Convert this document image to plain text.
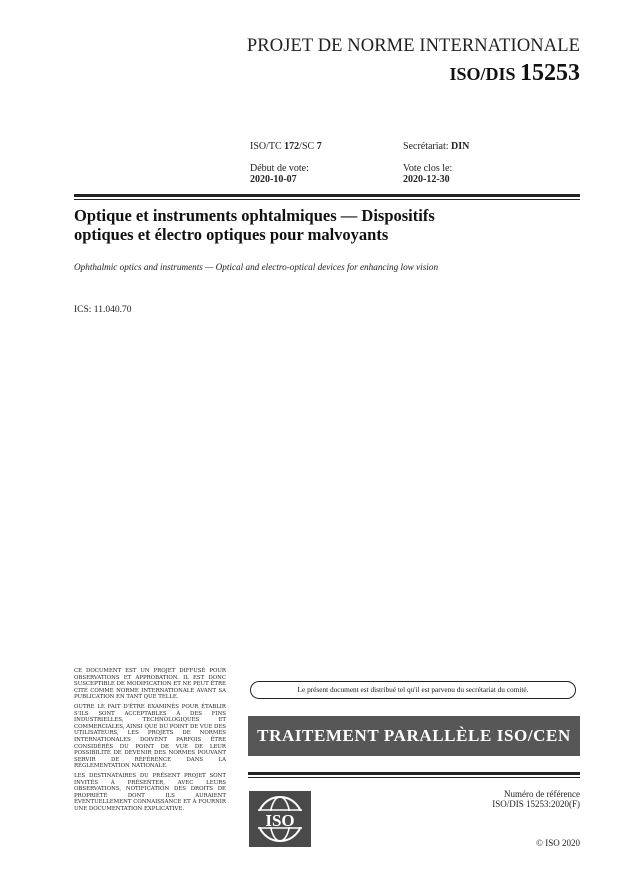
PROJET DE NORME INTERNATIONALE
ISO/DIS 15253
ISO/TC 172/SC 7	Secrétariat: DIN
Début de vote:
2020-10-07
Vote clos le:
2020-12-30
Optique et instruments ophtalmiques — Dispositifs
optiques et électro optiques pour malvoyants
Ophthalmic optics and instruments — Optical and electro-optical devices for enhancing low vision
ICS: 11.040.70

CE DOCUMENT EST UN PROJET DIFFUSÉ POUR OBSERVATIONS ET APPROBATION. IL EST DONC SUSCEPTIBLE DE MODIFICATION ET NE PEUT ÊTRE CITÉ COMME NORME INTERNATIONALE AVANT SA PUBLICATION EN TANT QUE TELLE.

OUTRE LE FAIT D'ÊTRE EXAMINÉS POUR ÉTABLIR S'ILS SONT ACCEPTABLES À DES FINS INDUSTRIELLES, TECHNOLOGIQUES ET COMMERCIALES, AINSI QUE DU POINT DE VUE DES UTILISATEURS, LES PROJETS DE NORMES INTERNATIONALES DOIVENT PARFOIS ÊTRE CONSIDÉRÉS DU POINT DE VUE DE LEUR POSSIBILITÉ DE DEVENIR DES NORMES POUVANT SERVIR DE RÉFÉRENCE DANS LA RÉGLEMENTATION NATIONALE.

LES DESTINATAIRES DU PRÉSENT PROJET SONT INVITÉS À PRÉSENTER, AVEC LEURS OBSERVATIONS, NOTIFICATION DES DROITS DE PROPRIÉTÉ DONT ILS AURAIENT ÉVENTUELLEMENT CONNAISSANCE ET À FOURNIR UNE DOCUMENTATION EXPLICATIVE.

Le présent document est distribué tel qu'il est parvenu du secrétariat du comité.
TRAITEMENT PARALLÈLE ISO/CEN
ISO
Numéro de référence
ISO/DIS 15253:2020(F)
© ISO 2020
